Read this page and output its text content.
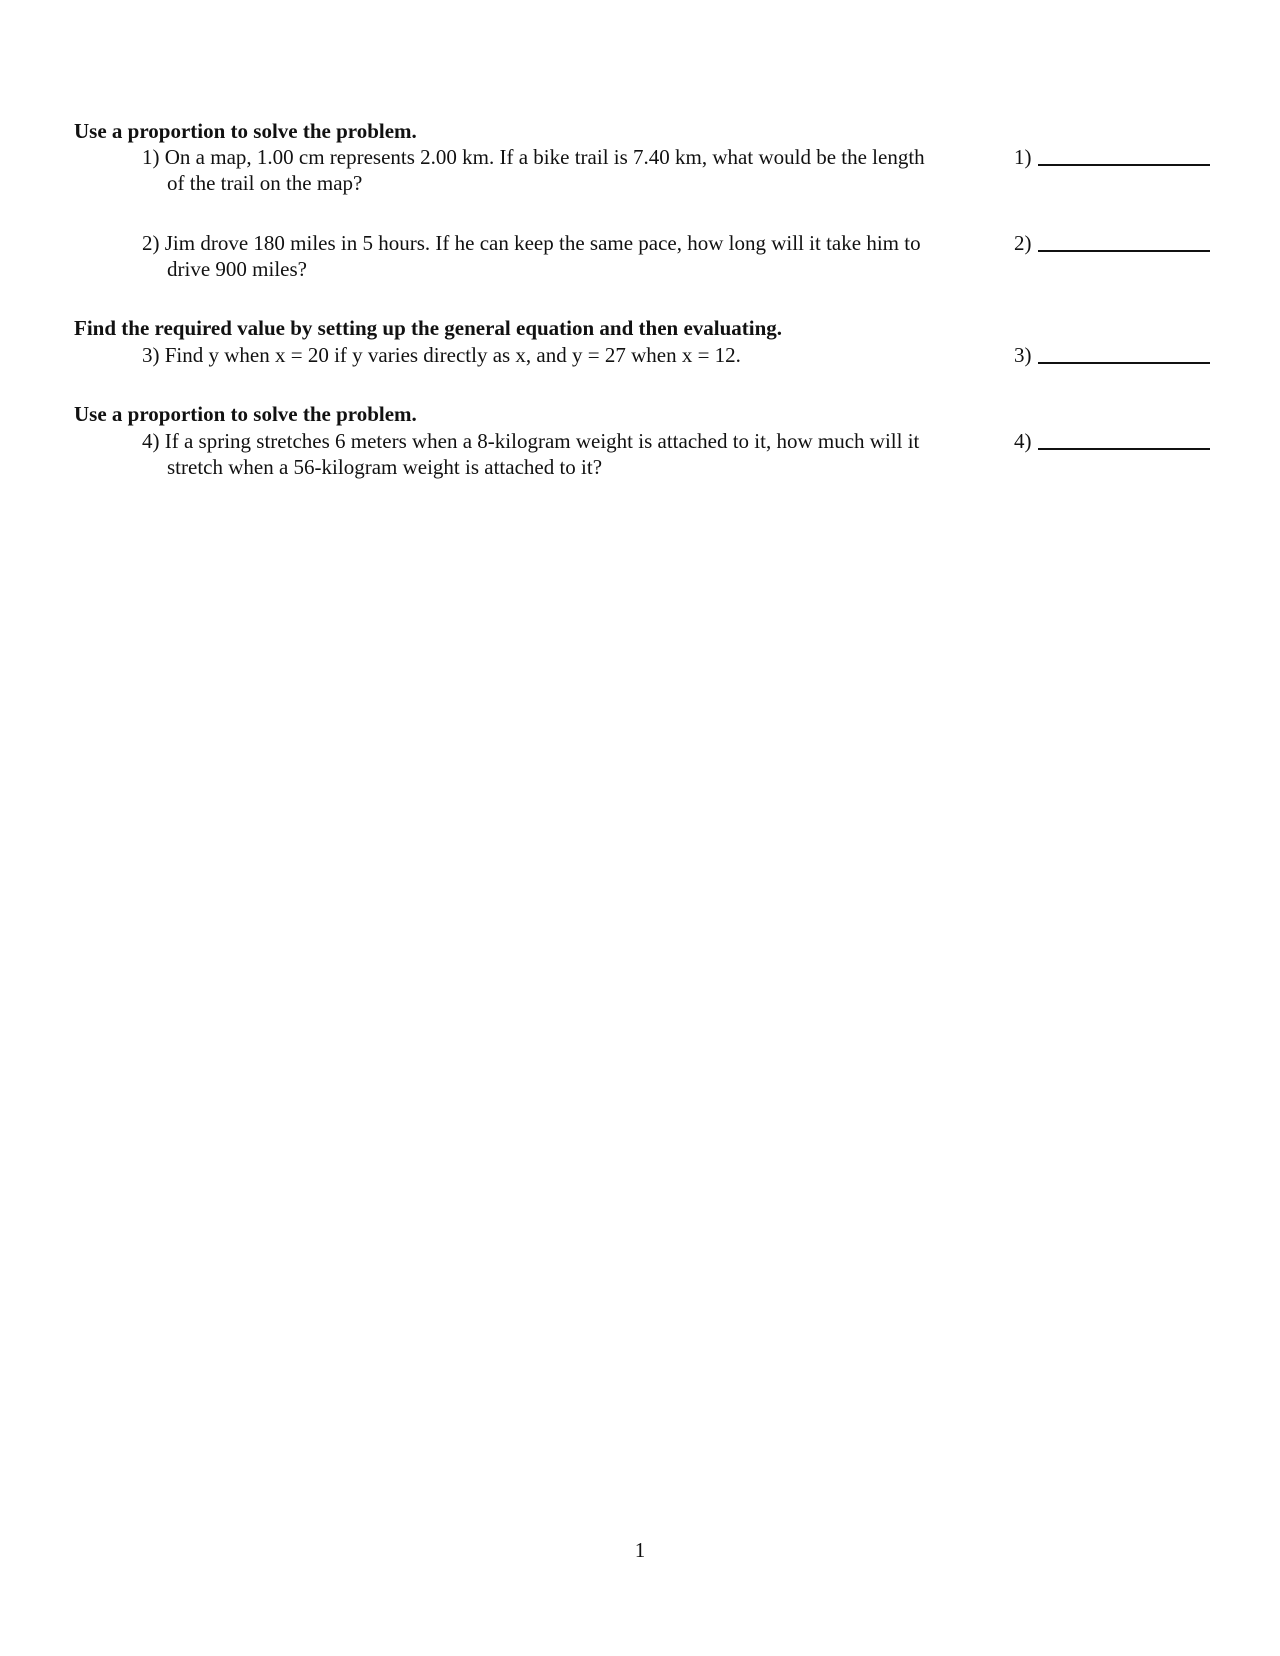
Use a proportion to solve the problem.
1) On a map, 1.00 cm represents 2.00 km. If a bike trail is 7.40 km, what would be the length
of the trail on the map?
1)
2) Jim drove 180 miles in 5 hours. If he can keep the same pace, how long will it take him to
drive 900 miles?
2)
Find the required value by setting up the general equation and then evaluating.
3) Find y when x = 20 if y varies directly as x, and y = 27 when x = 12.	3)
Use a proportion to solve the problem.
4) If a spring stretches 6 meters when a 8-kilogram weight is attached to it, how much will it
stretch when a 56-kilogram weight is attached to it?
4)
1
